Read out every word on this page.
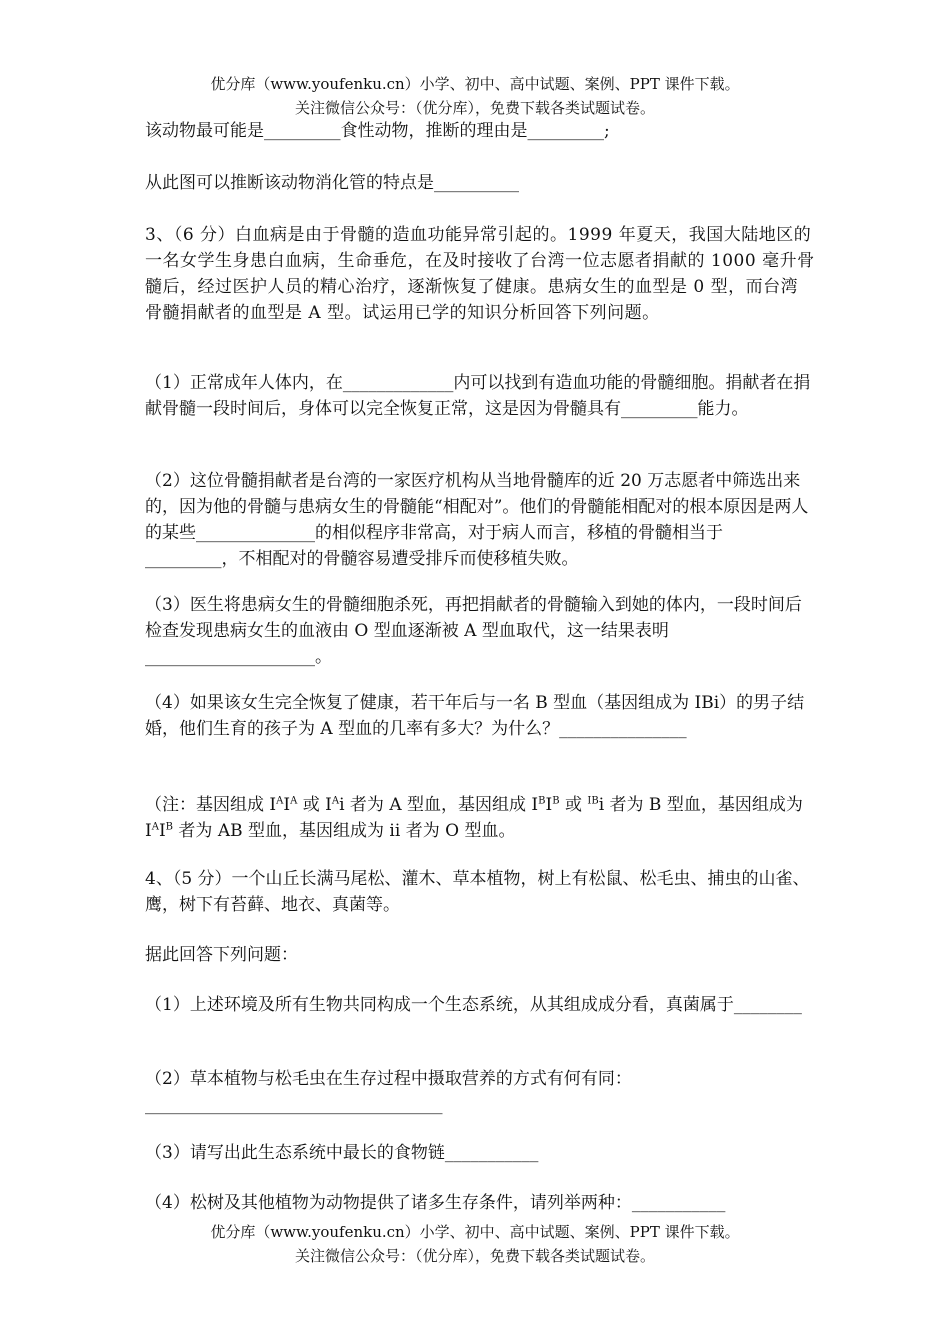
优分库（www.youfenku.cn）小学、初中、高中试题、案例、PPT 课件下载。
关注微信公众号：（优分库），免费下载各类试题试卷。
该动物最可能是_________食性动物，推断的理由是_________;
从此图可以推断该动物消化管的特点是__________
3、（6 分）白血病是由于骨髓的造血功能异常引起的。1999 年夏天，我国大陆地区的一名女学生身患白血病，生命垂危，在及时接收了台湾一位志愿者捐献的 1000 毫升骨髓后，经过医护人员的精心治疗，逐渐恢复了健康。患病女生的血型是 0 型，而台湾骨髓捐献者的血型是 A 型。试运用已学的知识分析回答下列问题。
（1）正常成年人体内，在_____________内可以找到有造血功能的骨髓细胞。捐献者在捐献骨髓一段时间后，身体可以完全恢复正常，这是因为骨髓具有_________能力。
（2）这位骨髓捐献者是台湾的一家医疗机构从当地骨髓库的近 20 万志愿者中筛选出来的，因为他的骨髓与患病女生的骨髓能“相配对”。他们的骨髓能相配对的根本原因是两人的某些______________的相似程序非常高，对于病人而言，移植的骨髓相当于_________，不相配对的骨髓容易遭受排斥而使移植失败。
（3）医生将患病女生的骨髓细胞杀死，再把捐献者的骨髓输入到她的体内，一段时间后检查发现患病女生的血液由 O 型血逐渐被 A 型血取代，这一结果表明____________________。
（4）如果该女生完全恢复了健康，若干年后与一名 B 型血（基因组成为 IBi）的男子结婚，他们生育的孩子为 A 型血的几率有多大？为什么？_______________
（注：基因组成 $I^AI^A$ 或 $I^Ai$ 者为 A 型血，基因组成 $I^BI^B$ 或 $^{IB}$i 者为 B 型血，基因组成为 $I^AI^B$ 者为 AB 型血，基因组成为 ii 者为 O 型血。
4、（5 分）一个山丘长满马尾松、灌木、草本植物，树上有松鼠、松毛虫、捕虫的山雀、鹰，树下有苔藓、地衣、真菌等。
据此回答下列问题：
（1）上述环境及所有生物共同构成一个生态系统，从其组成成分看，真菌属于________
（2）草本植物与松毛虫在生存过程中摄取营养的方式有何有同：___________________________________
（3）请写出此生态系统中最长的食物链___________
（4）松树及其他植物为动物提供了诸多生存条件，请列举两种：___________
优分库（www.youfenku.cn）小学、初中、高中试题、案例、PPT 课件下载。
关注微信公众号：（优分库），免费下载各类试题试卷。
